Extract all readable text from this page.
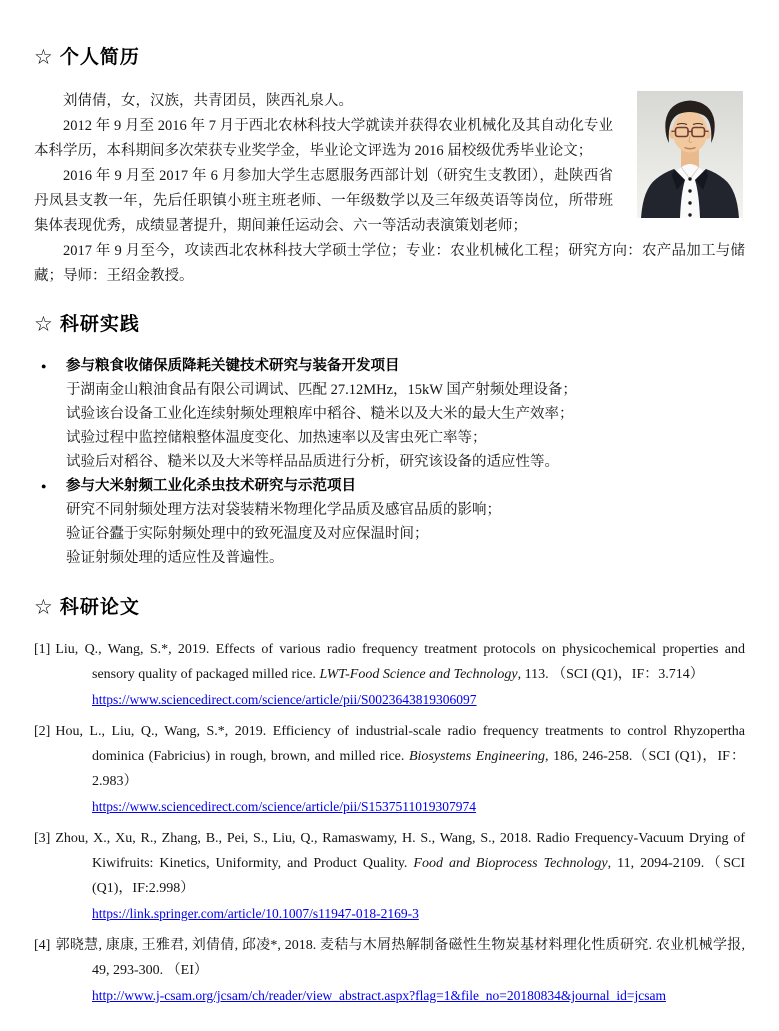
☆ 个人简历

刘倩倩，女，汉族，共青团员，陕西礼泉人。

2012 年 9 月至 2016 年 7 月于西北农林科技大学就读并获得农业机械化及其自动化专业本科学历，本科期间多次荣获专业奖学金，毕业论文评选为 2016 届校级优秀毕业论文；

2016 年 9 月至 2017 年 6 月参加大学生志愿服务西部计划（研究生支教团），赴陕西省丹凤县支教一年，先后任职镇小班主班老师、一年级数学以及三年级英语等岗位，所带班集体表现优秀，成绩显著提升，期间兼任运动会、六一等活动表演策划老师；

2017 年 9 月至今，攻读西北农林科技大学硕士学位；专业：农业机械化工程；研究方向：农产品加工与储藏；导师：王绍金教授。

☆ 科研实践
●	参与粮食收储保质降耗关键技术研究与装备开发项目

于湖南金山粮油食品有限公司调试、匹配 27.12MHz，15kW 国产射频处理设备；

试验该台设备工业化连续射频处理粮库中稻谷、糙米以及大米的最大生产效率；

试验过程中监控储粮整体温度变化、加热速率以及害虫死亡率等；

试验后对稻谷、糙米以及大米等样品品质进行分析，研究该设备的适应性等。

●	参与大米射频工业化杀虫技术研究与示范项目

研究不同射频处理方法对袋装精米物理化学品质及感官品质的影响；

验证谷蠹于实际射频处理中的致死温度及对应保温时间；

验证射频处理的适应性及普遍性。

☆ 科研论文

[1] Liu, Q., Wang, S.*, 2019. Effects of various radio frequency treatment protocols on physicochemical properties and sensory quality of packaged milled rice. LWT-Food Science and Technology, 113. （SCI (Q1)，IF：3.714）

https://www.sciencedirect.com/science/article/pii/S0023643819306097

[2] Hou, L., Liu, Q., Wang, S.*, 2019. Efficiency of industrial-scale radio frequency treatments to control Rhyzopertha dominica (Fabricius) in rough, brown, and milled rice. Biosystems Engineering, 186, 246-258.（SCI (Q1)，IF：2.983）

https://www.sciencedirect.com/science/article/pii/S1537511019307974

[3] Zhou, X., Xu, R., Zhang, B., Pei, S., Liu, Q., Ramaswamy, H. S., Wang, S., 2018. Radio Frequency-Vacuum Drying of Kiwifruits: Kinetics, Uniformity, and Product Quality. Food and Bioprocess Technology, 11, 2094-2109.（SCI (Q1)，IF:2.998）

https://link.springer.com/article/10.1007/s11947-018-2169-3

[4] 郭晓慧, 康康, 王雅君, 刘倩倩, 邱凌*, 2018. 麦秸与木屑热解制备磁性生物炭基材料理化性质研究. 农业机械学报, 49, 293-300. （EI）

http://www.j-csam.org/jcsam/ch/reader/view_abstract.aspx?flag=1&file_no=20180834&journal_id=jcsam
